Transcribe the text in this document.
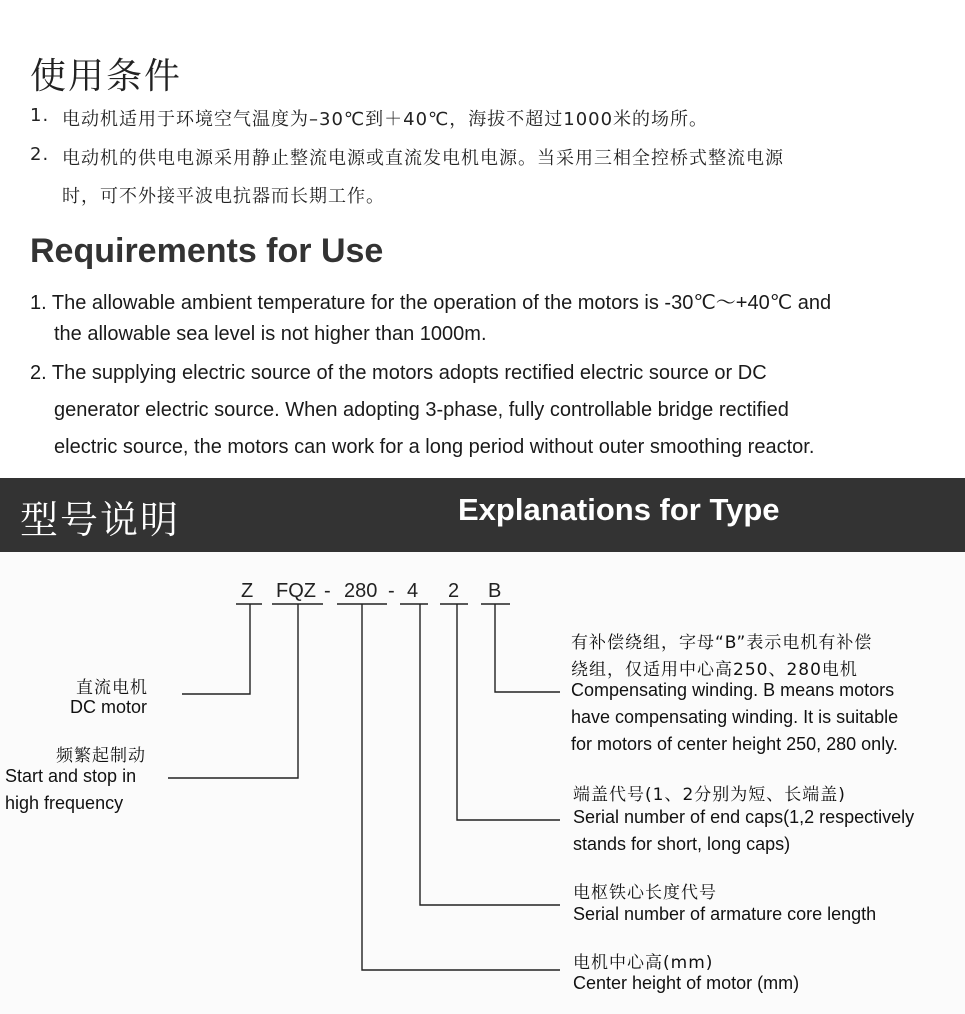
使用条件
1. 电动机适用于环境空气温度为–30℃到＋40℃，海拔不超过1000米的场所。
2. 电动机的供电电源采用静止整流电源或直流发电机电源。当采用三相全控桥式整流电源
时，可不外接平波电抗器而长期工作。
Requirements for Use
1. The allowable ambient temperature for the operation of the motors is -30℃～+40℃ and
the allowable sea level is not higher than 1000m.
2. The supplying electric source of the motors adopts rectified electric source or DC
generator electric source. When adopting 3-phase, fully controllable bridge rectified
electric source, the motors can work for a long period without outer smoothing reactor.
型号说明	Explanations for Type
Z FQZ - 280 - 4 2 B
直流电机
DC motor
频繁起制动
Start and stop in
high frequency
有补偿绕组，字母“B”表示电机有补偿
绕组，仅适用中心高250、280电机
Compensating winding. B means motors
have compensating winding. It is suitable
for motors of center height 250, 280 only.
端盖代号(1、2分别为短、长端盖)
Serial number of end caps(1,2 respectively
stands for short, long caps)
电枢铁心长度代号
Serial number of armature core length
电机中心高(mm)
Center height of motor (mm)
